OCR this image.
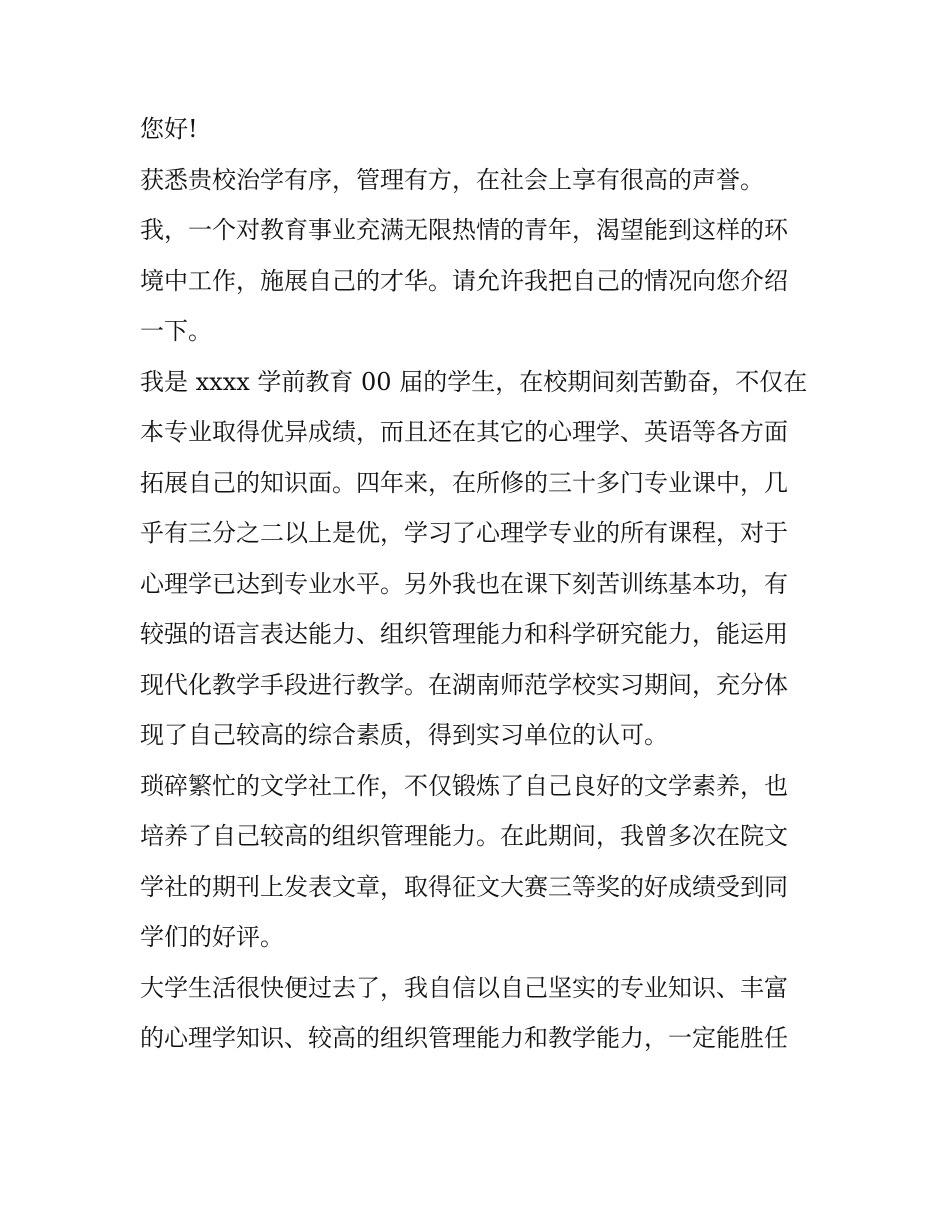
您好!

获悉贵校治学有序，管理有方，在社会上享有很高的声誉。

我，一个对教育事业充满无限热情的青年，渴望能到这样的环
境中工作，施展自己的才华。请允许我把自己的情况向您介绍
一下。

我是 xxxx 学前教育 00 届的学生，在校期间刻苦勤奋，不仅在
本专业取得优异成绩，而且还在其它的心理学、英语等各方面
拓展自己的知识面。四年来，在所修的三十多门专业课中，几
乎有三分之二以上是优，学习了心理学专业的所有课程，对于
心理学已达到专业水平。另外我也在课下刻苦训练基本功，有
较强的语言表达能力、组织管理能力和科学研究能力，能运用
现代化教学手段进行教学。在湖南师范学校实习期间，充分体
现了自己较高的综合素质，得到实习单位的认可。

琐碎繁忙的文学社工作，不仅锻炼了自己良好的文学素养，也
培养了自己较高的组织管理能力。在此期间，我曾多次在院文
学社的期刊上发表文章，取得征文大赛三等奖的好成绩受到同
学们的好评。

大学生活很快便过去了，我自信以自己坚实的专业知识、丰富
的心理学知识、较高的组织管理能力和教学能力，一定能胜任
